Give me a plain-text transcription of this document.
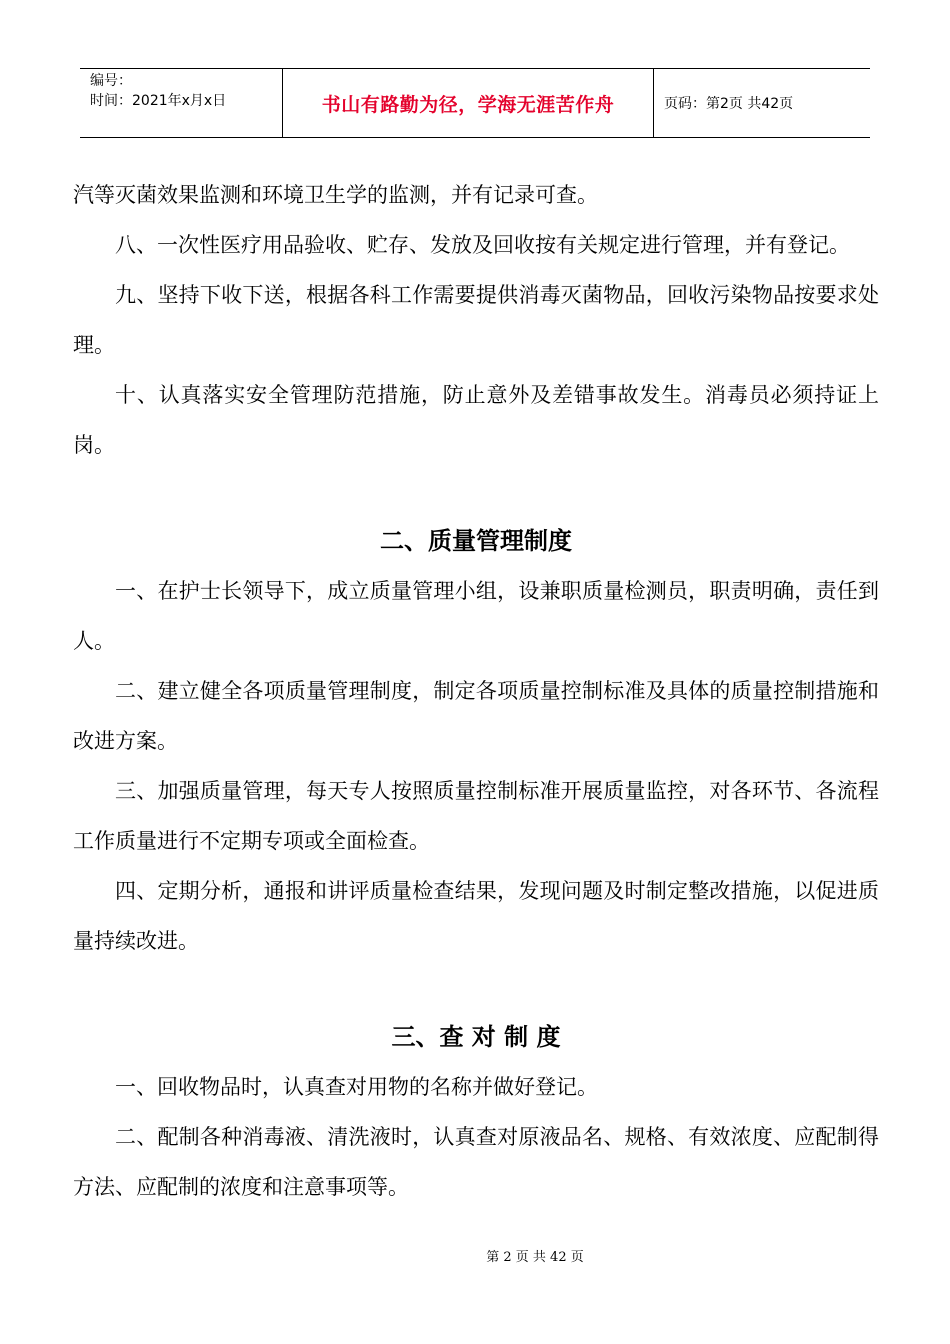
编号：
时间：2021年x月x日	书山有路勤为径，学海无涯苦作舟	页码：第2页 共42页

汽等灭菌效果监测和环境卫生学的监测，并有记录可查。

八、一次性医疗用品验收、贮存、发放及回收按有关规定进行管理，并有登记。

九、坚持下收下送，根据各科工作需要提供消毒灭菌物品，回收污染物品按要求处理。

十、认真落实安全管理防范措施，防止意外及差错事故发生。消毒员必须持证上岗。

二、质量管理制度

一、在护士长领导下，成立质量管理小组，设兼职质量检测员，职责明确，责任到人。

二、建立健全各项质量管理制度，制定各项质量控制标准及具体的质量控制措施和改进方案。

三、加强质量管理，每天专人按照质量控制标准开展质量监控，对各环节、各流程工作质量进行不定期专项或全面检查。

四、定期分析，通报和讲评质量检查结果，发现问题及时制定整改措施，以促进质量持续改进。

三、查 对 制 度

一、回收物品时，认真查对用物的名称并做好登记。

二、配制各种消毒液、清洗液时，认真查对原液品名、规格、有效浓度、应配制得方法、应配制的浓度和注意事项等。

第 2 页 共 42 页
